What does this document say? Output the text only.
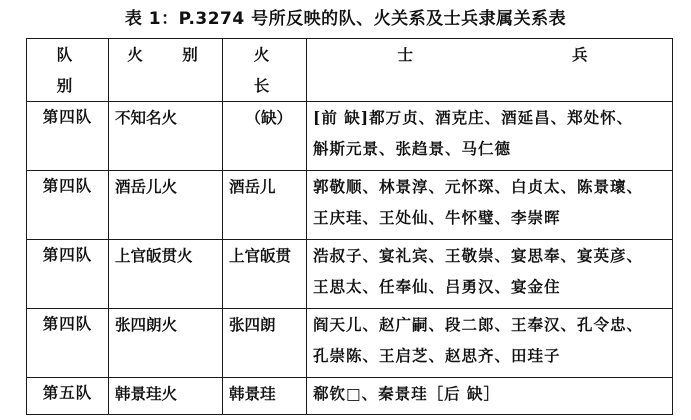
表 1：P.3274 号所反映的队、火关系及士兵隶属关系表
队　别	火　别	火　长	士　　　兵
第四队	不知名火	（缺）	[前 缺]都万贞、酒克庄、酒延昌、郑处怀、
斛斯元景、张趋景、马仁德

第四队	酒岳儿火	酒岳儿	郭敬顺、林景淳、元怀琛、白贞太、陈景瓌、
王庆珪、王处仙、牛怀璧、李崇晖

第四队	上官皈贯火	上官皈贯	浩叔子、宴礼宾、王敬崇、宴思奉、宴英彦、
王思太、任奉仙、吕勇汉、宴金住

第四队	张四朗火	张四朗	阎天儿、赵广嗣、段二郎、王奉汉、孔令忠、
孔崇陈、王启芝、赵思齐、田珪子

第五队	韩景珪火	韩景珪	郗钦□、秦景珪［后 缺］
